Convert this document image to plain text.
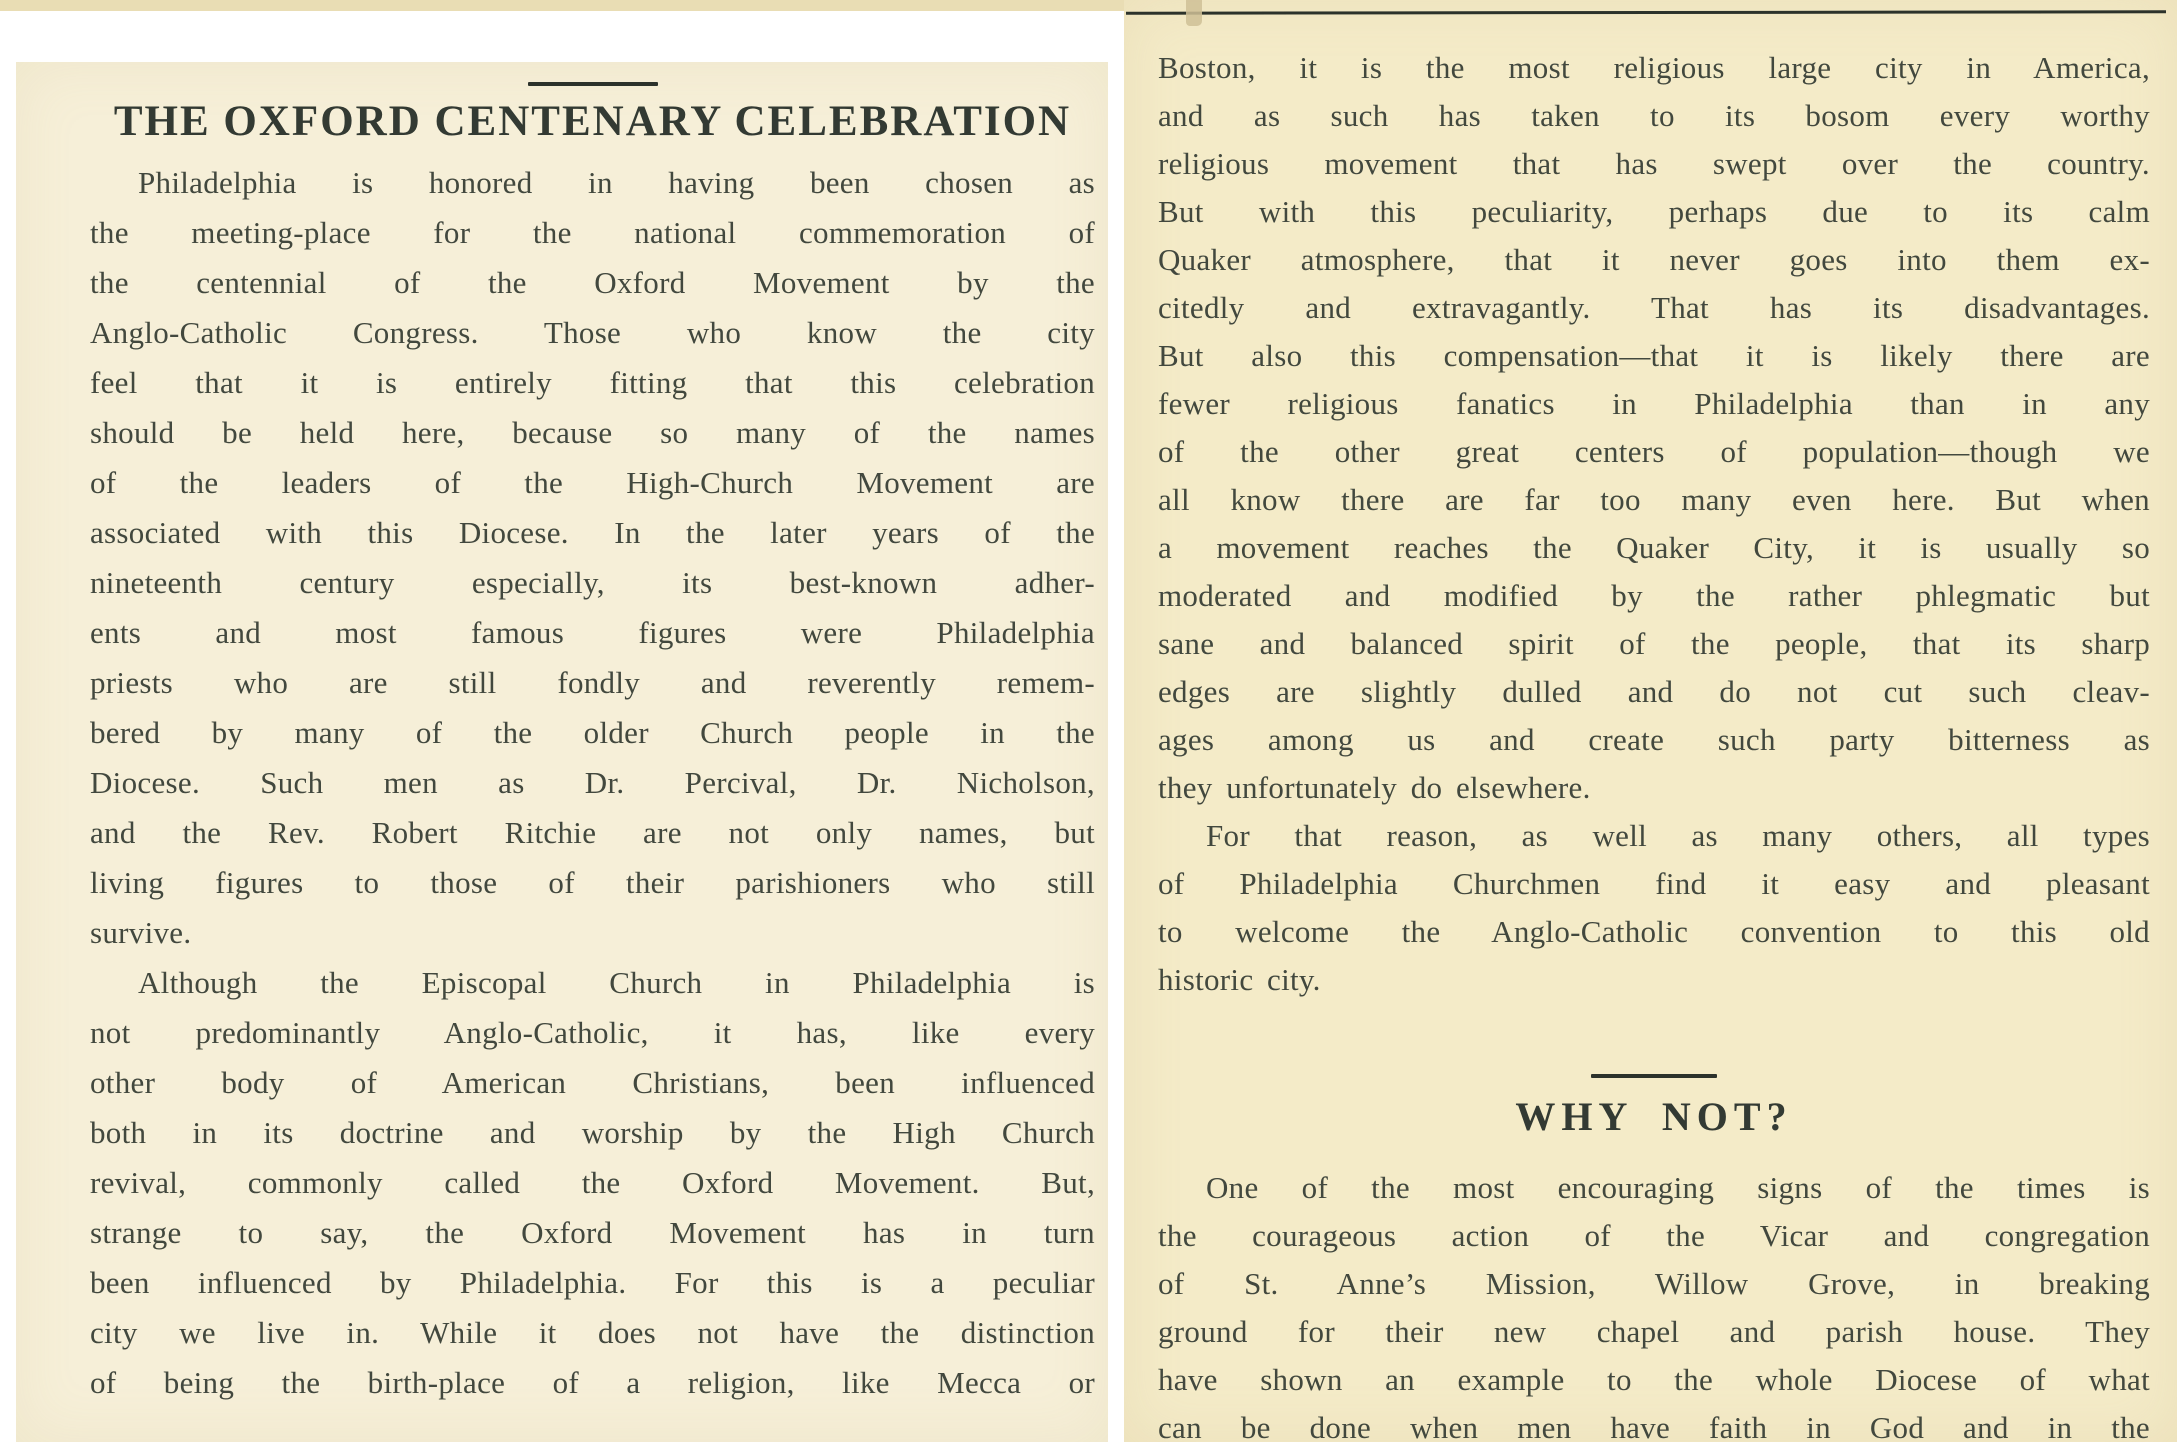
THE OXFORD CENTENARY CELEBRATION
Philadelphia is honored in having been chosen as
the meeting-place for the national commemoration of
the centennial of the Oxford Movement by the
Anglo-Catholic Congress. Those who know the city
feel that it is entirely fitting that this celebration
should be held here, because so many of the names
of the leaders of the High-Church Movement are
associated with this Diocese. In the later years of the
nineteenth century especially, its best-known adher-
ents and most famous figures were Philadelphia
priests who are still fondly and reverently remem-
bered by many of the older Church people in the
Diocese. Such men as Dr. Percival, Dr. Nicholson,
and the Rev. Robert Ritchie are not only names, but
living figures to those of their parishioners who still
survive.
Although the Episcopal Church in Philadelphia is
not predominantly Anglo-Catholic, it has, like every
other body of American Christians, been influenced
both in its doctrine and worship by the High Church
revival, commonly called the Oxford Movement. But,
strange to say, the Oxford Movement has in turn
been influenced by Philadelphia. For this is a peculiar
city we live in. While it does not have the distinction
of being the birth-place of a religion, like Mecca or
Boston, it is the most religious large city in America,
and as such has taken to its bosom every worthy
religious movement that has swept over the country.
But with this peculiarity, perhaps due to its calm
Quaker atmosphere, that it never goes into them ex-
citedly and extravagantly. That has its disadvantages.
But also this compensation—that it is likely there are
fewer religious fanatics in Philadelphia than in any
of the other great centers of population—though we
all know there are far too many even here. But when
a movement reaches the Quaker City, it is usually so
moderated and modified by the rather phlegmatic but
sane and balanced spirit of the people, that its sharp
edges are slightly dulled and do not cut such cleav-
ages among us and create such party bitterness as
they unfortunately do elsewhere.
For that reason, as well as many others, all types
of Philadelphia Churchmen find it easy and pleasant
to welcome the Anglo-Catholic convention to this old
historic city.
WHY NOT?
One of the most encouraging signs of the times is
the courageous action of the Vicar and congregation
of St. Anne’s Mission, Willow Grove, in breaking
ground for their new chapel and parish house. They
have shown an example to the whole Diocese of what
can be done when men have faith in God and in the
